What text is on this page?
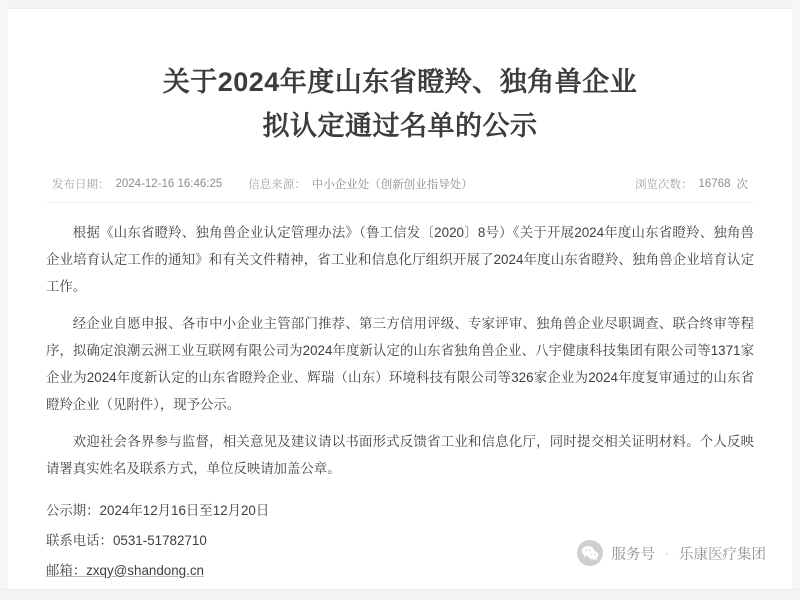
关于2024年度山东省瞪羚、独角兽企业
拟认定通过名单的公示
发布日期： 2024-12-16 16:46:25 信息来源： 中小企业处（创新创业指导处）	浏览次数： 16768 次

根据《山东省瞪羚、独角兽企业认定管理办法》（鲁工信发〔2020〕8号）《关于开展2024年度山东省瞪羚、独角兽企业培育认定工作的通知》和有关文件精神，省工业和信息化厅组织开展了2024年度山东省瞪羚、独角兽企业培育认定工作。

经企业自愿申报、各市中小企业主管部门推荐、第三方信用评级、专家评审、独角兽企业尽职调查、联合终审等程序，拟确定浪潮云洲工业互联网有限公司为2024年度新认定的山东省独角兽企业、八宇健康科技集团有限公司等1371家企业为2024年度新认定的山东省瞪羚企业、辉瑞（山东）环境科技有限公司等326家企业为2024年度复审通过的山东省瞪羚企业（见附件），现予公示。

欢迎社会各界参与监督，相关意见及建议请以书面形式反馈省工业和信息化厅，同时提交相关证明材料。个人反映请署真实姓名及联系方式，单位反映请加盖公章。

公示期：2024年12月16日至12月20日

联系电话：0531-51782710

邮箱：zxqy@shandong.cn

服务号 · 乐康医疗集团
